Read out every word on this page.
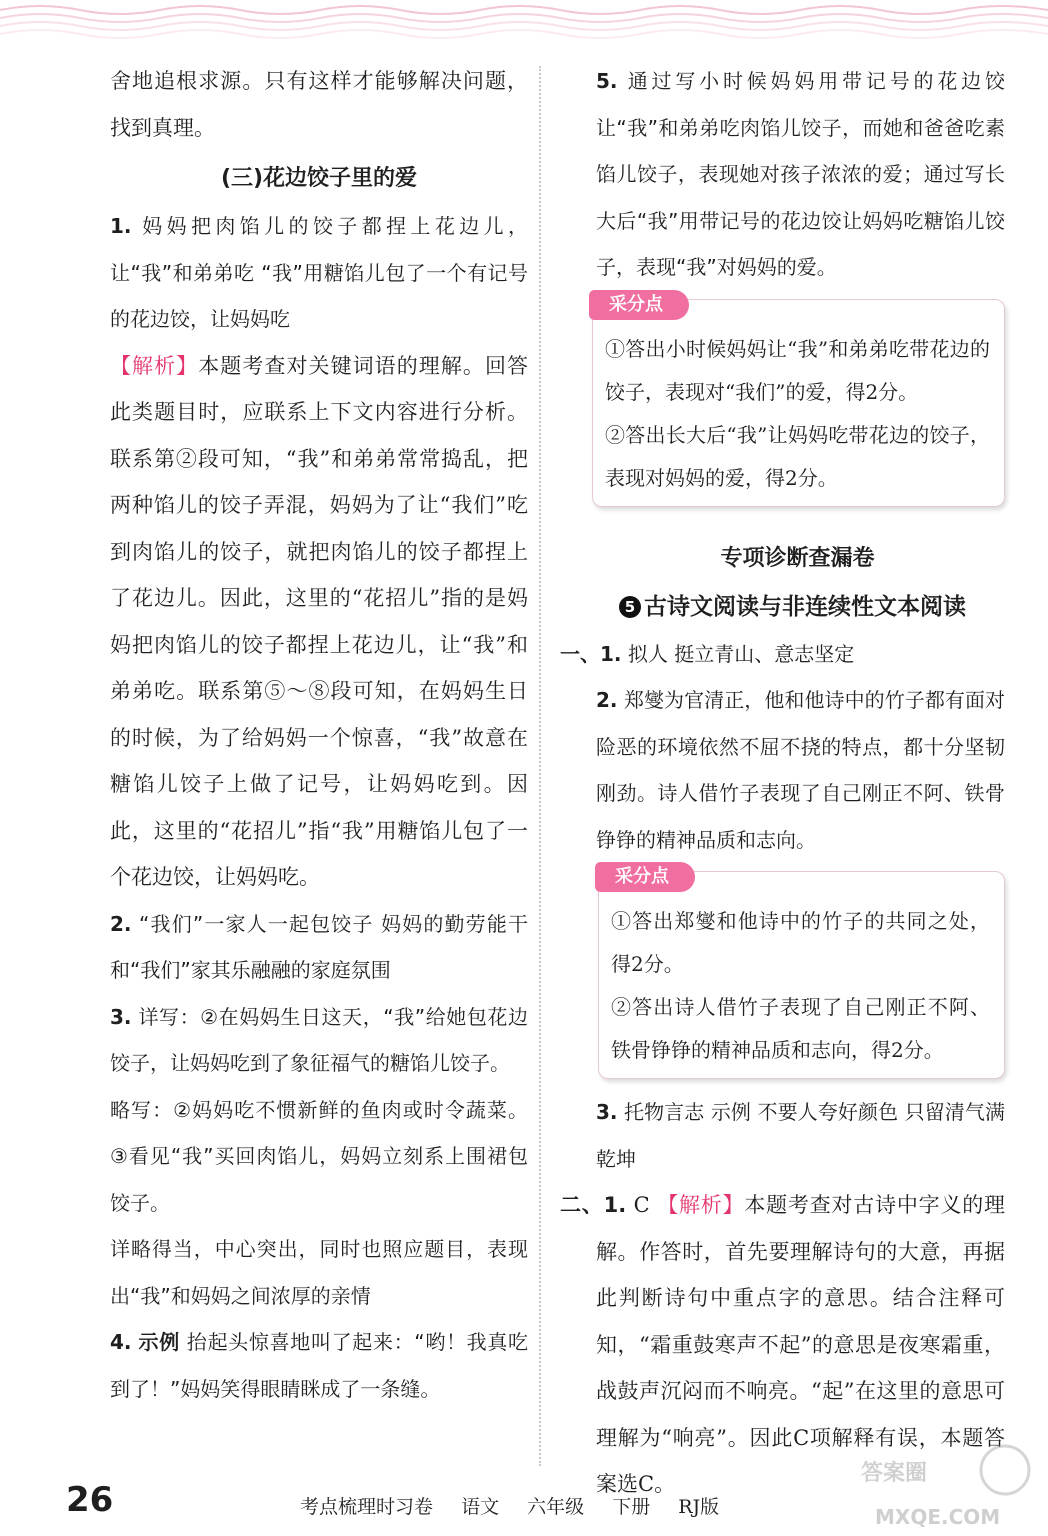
舍地追根求源。只有这样才能够解决问题，找到真理。

(三)花边饺子里的爱

1. 妈妈把肉馅儿的饺子都捏上花边儿，让“我”和弟弟吃 “我”用糖馅儿包了一个有记号的花边饺，让妈妈吃

【解析】本题考查对关键词语的理解。回答此类题目时，应联系上下文内容进行分析。联系第②段可知，“我”和弟弟常常捣乱，把两种馅儿的饺子弄混，妈妈为了让“我们”吃到肉馅儿的饺子，就把肉馅儿的饺子都捏上了花边儿。因此，这里的“花招儿”指的是妈妈把肉馅儿的饺子都捏上花边儿，让“我”和弟弟吃。联系第⑤～⑧段可知，在妈妈生日的时候，为了给妈妈一个惊喜，“我”故意在糖馅儿饺子上做了记号，让妈妈吃到。因此，这里的“花招儿”指“我”用糖馅儿包了一个花边饺，让妈妈吃。

2. “我们”一家人一起包饺子 妈妈的勤劳能干和“我们”家其乐融融的家庭氛围

3. 详写：②在妈妈生日这天，“我”给她包花边饺子，让妈妈吃到了象征福气的糖馅儿饺子。

略写：②妈妈吃不惯新鲜的鱼肉或时令蔬菜。 ③看见“我”买回肉馅儿，妈妈立刻系上围裙包饺子。

详略得当，中心突出，同时也照应题目，表现出“我”和妈妈之间浓厚的亲情

4. 示例 抬起头惊喜地叫了起来：“哟！我真吃到了！”妈妈笑得眼睛眯成了一条缝。

5. 通过写小时候妈妈用带记号的花边饺让“我”和弟弟吃肉馅儿饺子，而她和爸爸吃素馅儿饺子，表现她对孩子浓浓的爱；通过写长大后“我”用带记号的花边饺让妈妈吃糖馅儿饺子，表现“我”对妈妈的爱。

采分点

①答出小时候妈妈让“我”和弟弟吃带花边的饺子，表现对“我们”的爱，得2分。

②答出长大后“我”让妈妈吃带花边的饺子，表现对妈妈的爱，得2分。

专项诊断查漏卷

5 古诗文阅读与非连续性文本阅读

一、1. 拟人 挺立青山、意志坚定

2. 郑燮为官清正，他和他诗中的竹子都有面对险恶的环境依然不屈不挠的特点，都十分坚韧刚劲。诗人借竹子表现了自己刚正不阿、铁骨铮铮的精神品质和志向。

采分点

①答出郑燮和他诗中的竹子的共同之处，得2分。

②答出诗人借竹子表现了自己刚正不阿、铁骨铮铮的精神品质和志向，得2分。

3. 托物言志 示例 不要人夸好颜色 只留清气满乾坤

二、1. C 【解析】本题考查对古诗中字义的理解。作答时，首先要理解诗句的大意，再据此判断诗句中重点字的意思。结合注释可知，“霜重鼓寒声不起”的意思是夜寒霜重，战鼓声沉闷而不响亮。“起”在这里的意思可理解为“响亮”。因此C项解释有误，本题答案选C。	答案圈
MXQE.COM
26	考点梳理时习卷 语文 六年级 下册 RJ版
